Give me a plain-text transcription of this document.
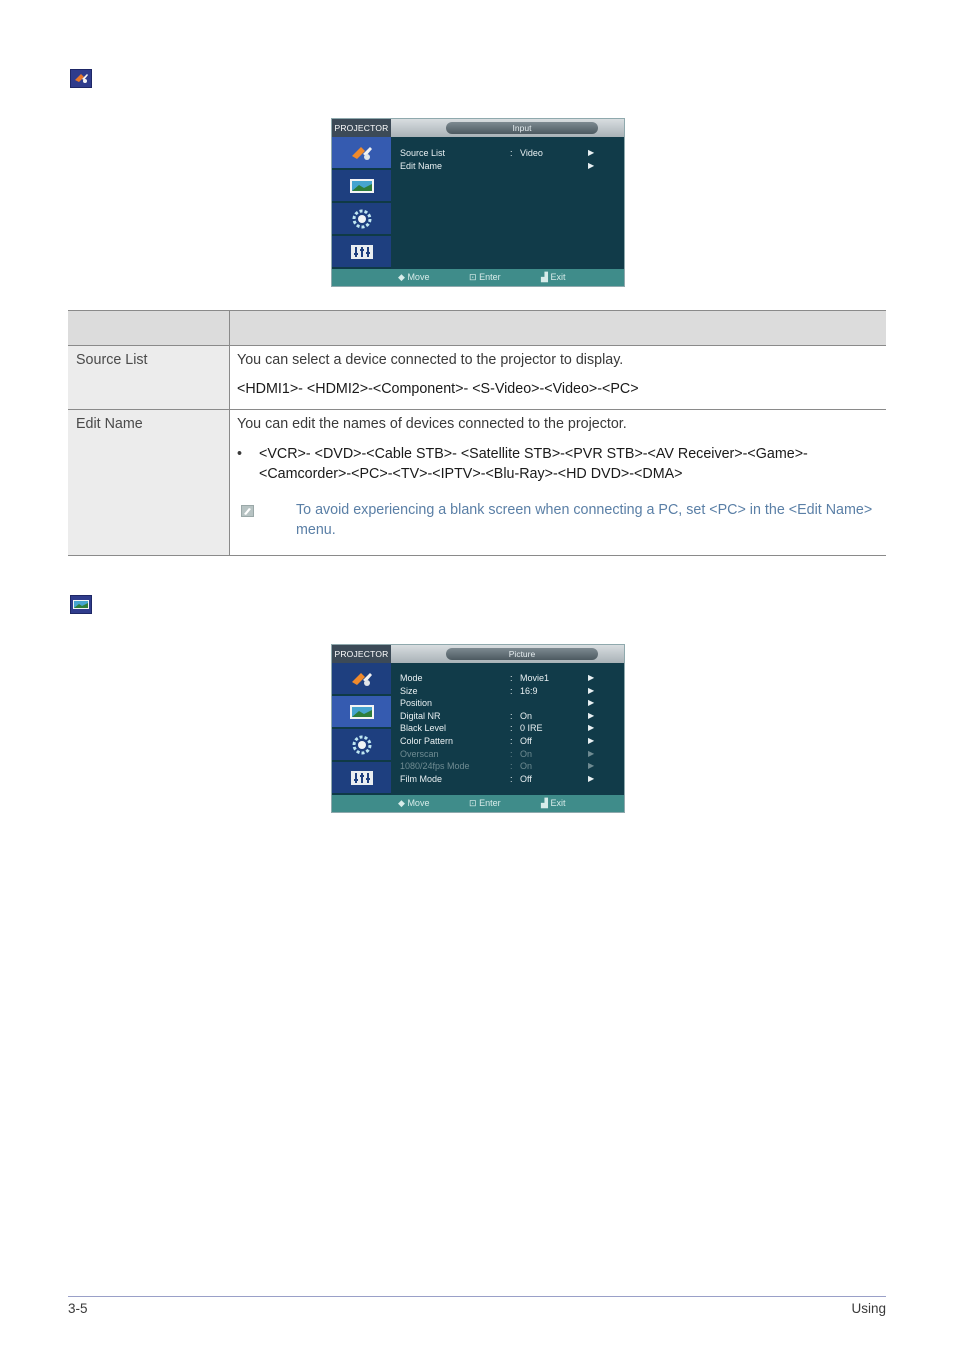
PROJECTOR	Input
Source List	: Video	▶
Edit Name	▶
◆ Move	⊡ Enter	▟ Exit

Source List	You can select a device connected to the projector to display.

<HDMI1>- <HDMI2>-<Component>- <S-Video>-<Video>-<PC>

Edit Name	You can edit the names of devices connected to the projector.

• <VCR>- <DVD>-<Cable STB>- <Satellite STB>-<PVR STB>-<AV Receiver>-<Game>-<Camcorder>-<PC>-<TV>-<IPTV>-<Blu-Ray>-<HD DVD>-<DMA>
To avoid experiencing a blank screen when connecting a PC, set <PC> in the <Edit Name> menu.
PROJECTOR	Picture
Mode	: Movie1	▶
Size	: 16:9	▶
Position	▶
Digital NR	: On	▶
Black Level	: 0 IRE	▶
Color Pattern	: Off	▶
Overscan	: On	▶
1080/24fps Mode	: On	▶
Film Mode	: Off	▶
◆ Move	⊡ Enter	▟ Exit
3-5	Using
